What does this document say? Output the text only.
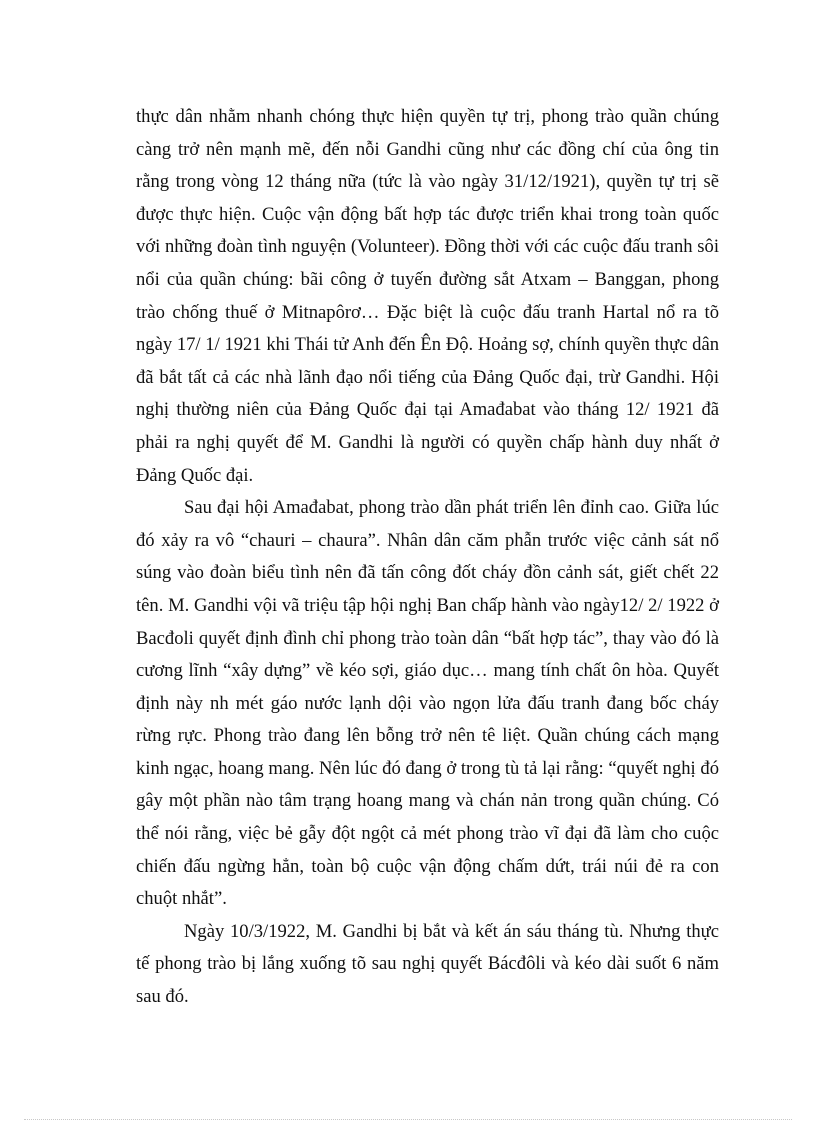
thực dân nhằm nhanh chóng thực hiện quyền tự trị, phong trào quần chúng càng trở nên mạnh mẽ, đến nỗi Gandhi cũng như các đồng chí của ông tin rằng trong vòng 12 tháng nữa (tức là vào ngày 31/12/1921), quyền tự trị sẽ được thực hiện. Cuộc vận động bất hợp tác được triển khai trong toàn quốc với những đoàn tình nguyện (Volunteer). Đồng thời với các cuộc đấu tranh sôi nổi của quần chúng: bãi công ở tuyến đường sắt Atxam – Banggan, phong trào chống thuế ở Mitnapôrơ… Đặc biệt là cuộc đấu tranh Hartal nổ ra tõ ngày 17/ 1/ 1921 khi Thái tử Anh đến Ên Độ. Hoảng sợ, chính quyền thực dân đã bắt tất cả các nhà lãnh đạo nổi tiếng của Đảng Quốc đại, trừ Gandhi. Hội nghị thường niên của Đảng Quốc đại tại Amađabat vào tháng 12/ 1921 đã phải ra nghị quyết để M. Gandhi là người có quyền chấp hành duy nhất ở Đảng Quốc đại.

Sau đại hội Amađabat, phong trào dần phát triển lên đỉnh cao. Giữa lúc đó xảy ra vô “chauri – chaura”. Nhân dân căm phẫn trước việc cảnh sát nổ súng vào đoàn biểu tình nên đã tấn công đốt cháy đồn cảnh sát, giết chết 22 tên. M. Gandhi vội vã triệu tập hội nghị Ban chấp hành vào ngày12/ 2/ 1922 ở Bacđoli quyết định đình chỉ phong trào toàn dân “bất hợp tác”, thay vào đó là cương lĩnh “xây dựng” về kéo sợi, giáo dục… mang tính chất ôn hòa. Quyết định này nh mét gáo nước lạnh dội vào ngọn lửa đấu tranh đang bốc cháy rừng rực. Phong trào đang lên bỗng trở nên tê liệt. Quần chúng cách mạng kinh ngạc, hoang mang. Nên lúc đó đang ở trong tù tả lại rằng: “quyết nghị đó gây một phần nào tâm trạng hoang mang và chán nản trong quần chúng. Có thể nói rằng, việc bẻ gẫy đột ngột cả mét phong trào vĩ đại đã làm cho cuộc chiến đấu ngừng hẳn, toàn bộ cuộc vận động chấm dứt, trái núi đẻ ra con chuột nhắt”.

Ngày 10/3/1922, M. Gandhi bị bắt và kết án sáu tháng tù. Nhưng thực tế phong trào bị lắng xuống tõ sau nghị quyết Bácđôli và kéo dài suốt 6 năm sau đó.
